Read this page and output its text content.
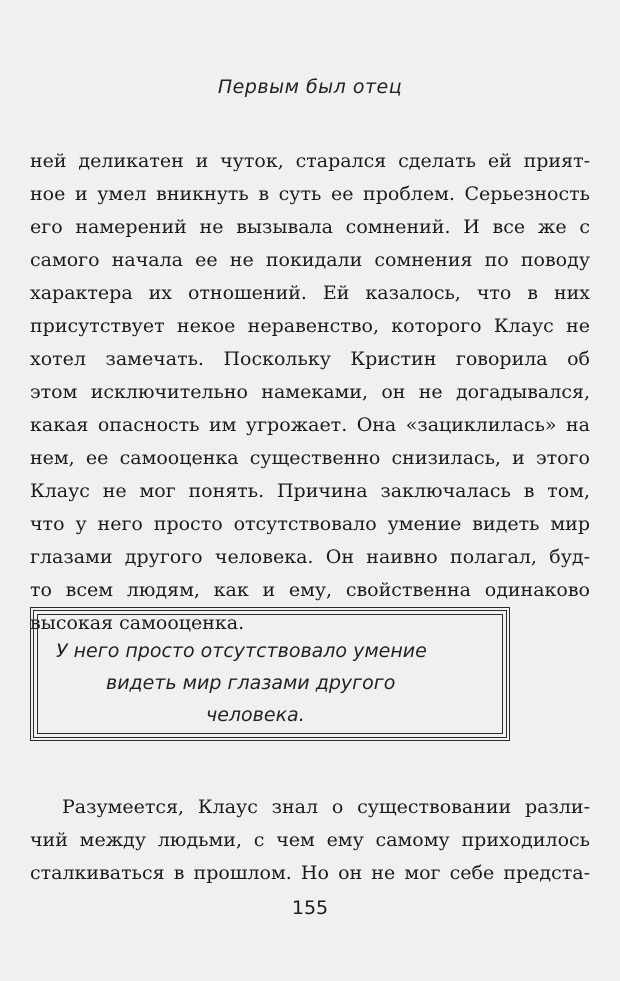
Первым был отец
ней деликатен и чуток, старался сделать ей прият-
ное и умел вникнуть в суть ее проблем. Серьезность
его намерений не вызывала сомнений. И все же с
самого начала ее не покидали сомнения по поводу
характера их отношений. Ей казалось, что в них
присутствует некое неравенство, которого Клаус не
хотел замечать. Поскольку Кристин говорила об
этом исключительно намеками, он не догадывался,
какая опасность им угрожает. Она «зациклилась» на
нем, ее самооценка существенно снизилась, и этого
Клаус не мог понять. Причина заключалась в том,
что у него просто отсутствовало умение видеть мир
глазами другого человека. Он наивно полагал, буд-
то всем людям, как и ему, свойственна одинаково
высокая самооценка.
У него просто отсутствовало умение
видеть мир глазами другого
человека.
Разумеется, Клаус знал о существовании разли-
чий между людьми, с чем ему самому приходилось
сталкиваться в прошлом. Но он не мог себе предста-
155
